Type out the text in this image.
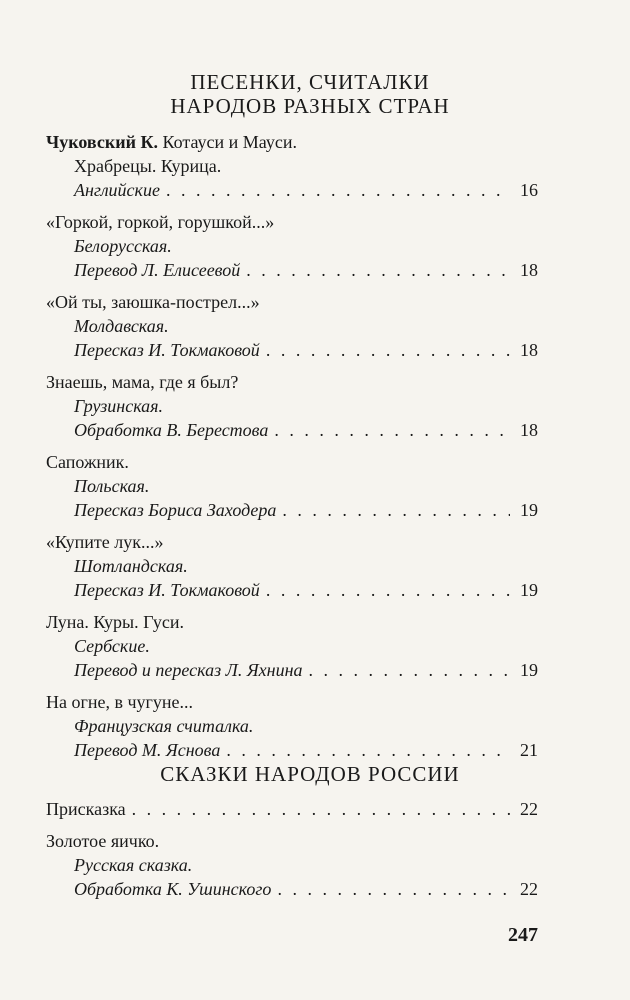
ПЕСЕНКИ, СЧИТАЛКИ
НАРОДОВ РАЗНЫХ СТРАН
Чуковский К. Котауси и Мауси.
Храбрецы. Курица.
Английские . . .	16
«Горкой, горкой, горушкой...»
Белорусская.
Перевод Л. Елисеевой . . .	18
«Ой ты, заюшка-пострел...»
Молдавская.
Пересказ И. Токмаковой . . .	18
Знаешь, мама, где я был?
Грузинская.
Обработка В. Берестова . . .	18
Сапожник.
Польская.
Пересказ Бориса Заходера . . .	19
«Купите лук...»
Шотландская.
Пересказ И. Токмаковой . . .	19
Луна. Куры. Гуси.
Сербские.
Перевод и пересказ Л. Яхнина . . .	19
На огне, в чугуне...
Французская считалка.
Перевод М. Яснова . . .	21
СКАЗКИ НАРОДОВ РОССИИ
Присказка . . .	22
Золотое яичко.
Русская сказка.
Обработка К. Ушинского . . .	22
247
